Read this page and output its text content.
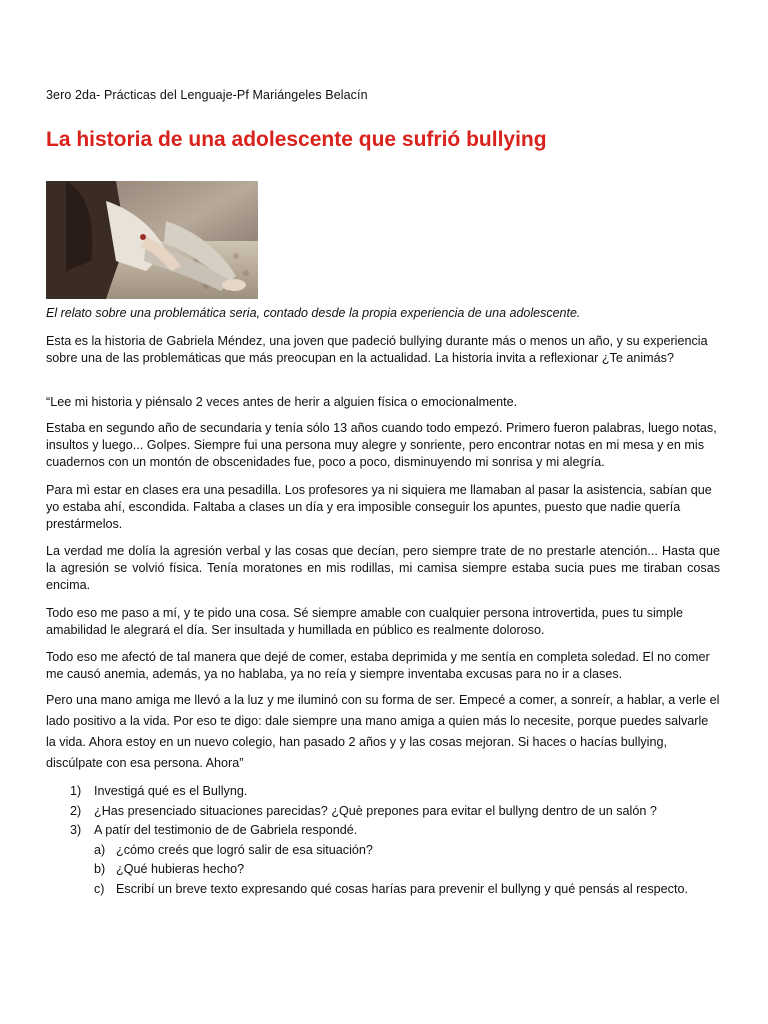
3ero 2da- Prácticas del Lenguaje-Pf Mariángeles Belacín
La historia de una adolescente que sufrió bullying
El relato sobre una problemática seria, contado desde la propia experiencia de una adolescente.

Esta es la historia de Gabriela Méndez, una joven que padeció bullying durante más o menos un año, y su experiencia sobre una de las problemáticas que más preocupan en la actualidad. La historia invita a reflexionar ¿Te animás?

“Lee mi historia y piénsalo 2 veces antes de herir a alguien física o emocionalmente.

Estaba en segundo año de secundaria y tenía sólo 13 años cuando todo empezó. Primero fueron palabras, luego notas, insultos y luego... Golpes. Siempre fui una persona muy alegre y sonriente, pero encontrar notas en mi mesa y en mis cuadernos con un montón de obscenidades fue, poco a poco, disminuyendo mi sonrisa y mi alegría.

Para mì estar en clases era una pesadilla. Los profesores ya ni siquiera me llamaban al pasar la asistencia, sabían que yo estaba ahí, escondida. Faltaba a clases un día y era imposible conseguir los apuntes, puesto que nadie quería prestármelos.

La verdad me dolía la agresión verbal y las cosas que decían, pero siempre trate de no prestarle atención... Hasta que la agresión se volvió física. Tenía moratones en mis rodillas, mi camisa siempre estaba sucia pues me tiraban cosas encima.

Todo eso me paso a mí, y te pido una cosa. Sé siempre amable con cualquier persona introvertida, pues tu simple amabilidad le alegrará el día. Ser insultada y humillada en público es realmente doloroso.

Todo eso me afectó de tal manera que dejé de comer, estaba deprimida y me sentía en completa soledad. El no comer me causó anemia, además, ya no hablaba, ya no reía y siempre inventaba excusas para no ir a clases.

Pero una mano amiga me llevó a la luz y me iluminó con su forma de ser. Empecé a comer, a sonreír, a hablar, a verle el lado positivo a la vida. Por eso te digo: dale siempre una mano amiga a quien más lo necesite, porque puedes salvarle la vida. Ahora estoy en un nuevo colegio, han pasado 2 años y y las cosas mejoran. Si haces o hacías bullying, discúlpate con esa persona. Ahora”

1) Investigá qué es el Bullyng.
2) ¿Has presenciado situaciones parecidas? ¿Què prepones para evitar el bullyng dentro de un salón ?
3) A patír del testimonio de de Gabriela respondé.
a) ¿cómo creés que logró salir de esa situación?
b) ¿Qué hubieras hecho?
c) Escribí un breve texto expresando qué cosas harías para prevenir el bullyng y qué pensás al respecto.
